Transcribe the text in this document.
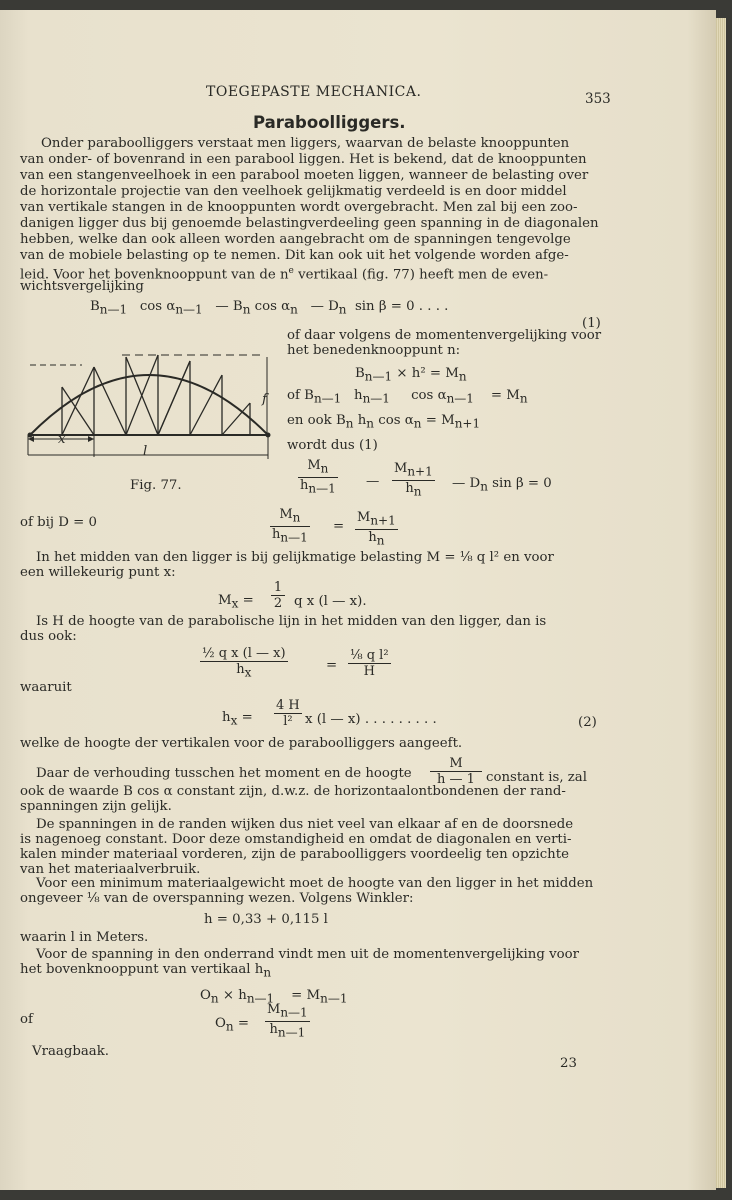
TOEGEPASTE MECHANICA.	353
Paraboolliggers.
Onder paraboolliggers verstaat men liggers, waarvan de belaste knooppunten
van onder- of bovenrand in een parabool liggen. Het is bekend, dat de knooppunten
van een stangenveelhoek in een parabool moeten liggen, wanneer de belasting over
de horizontale projectie van den veelhoek gelijkmatig verdeeld is en door middel
van vertikale stangen in de knooppunten wordt overgebracht. Men zal bij een zoo-
danigen ligger dus bij genoemde belastingverdeeling geen spanning in de diagonalen
hebben, welke dan ook alleen worden aangebracht om de spanningen tengevolge
van de mobiele belasting op te nemen. Dit kan ook uit het volgende worden afge-
leid. Voor het bovenknooppunt van de $n^e$ vertikaal (fig. 77) heeft men de even-
wichtsvergelijking
$B_{n—1}$ $\cos \alpha_{n—1}$ — $B_n$ $\cos \alpha_n$ — $D_n$ sin β = 0 . . . .
(1)
x
l
f
Fig. 77.
of daar volgens de momentenvergelijking voor
het benedenknooppunt n:
$B_{n—1} \times h^2 = M_n$
of $B_{n—1}$ $h_{n—1}$ $\cos \alpha_{n—1} = M_n$
en ook $B_n$ $h_n$ $\cos \alpha_n = M_{n+1}$
wordt dus (1)
$\frac{M_n}{h_{n—1}}$ — $\frac{M_{n+1}}{h_n}$ — $D_n$ sin β = 0
of bij D = 0	$\frac{M_n}{h_{n—1}} = \frac{M_{n+1}}{h_n}$
In het midden van den ligger is bij gelijkmatige belasting M = ⅛ q l² en voor
een willekeurig punt x:
$M_x = \frac{1}{2}$ q x (l — x).
Is H de hoogte van de parabolische lijn in het midden van den ligger, dan is
dus ook:
$\frac{\text{½ q x (l — x)}}{h_x}$	= $\frac{\text{⅛ q l²}}{H}$
waaruit
$h_x = \frac{4 H}{\text{l²}}$ x (l — x) . . . . . . . . .	(2)
welke de hoogte der vertikalen voor de paraboolliggers aangeeft.
Daar de verhouding tusschen het moment en de hoogte $\frac{M}{h — 1}$ constant is, zal
ook de waarde B cos α constant zijn, d.w.z. de horizontaalontbondenen der rand-
spanningen zijn gelijk.
De spanningen in de randen wijken dus niet veel van elkaar af en de doorsnede
is nagenoeg constant. Door deze omstandigheid en omdat de diagonalen en verti-
kalen minder materiaal vorderen, zijn de paraboolliggers voordeelig ten opzichte
van het materiaalverbruik.
Voor een minimum materiaalgewicht moet de hoogte van den ligger in het midden
ongeveer ⅛ van de overspanning wezen. Volgens Winkler:
h = 0,33 + 0,115 l
waarin l in Meters.
Voor de spanning in den onderrand vindt men uit de momentenvergelijking voor
het bovenknooppunt van vertikaal $h_n$
$O_n \times h_{n—1} = M_{n—1}$
of	$O_n = \frac{M_{n—1}}{h_{n—1}}$
Vraagbaak.
23
